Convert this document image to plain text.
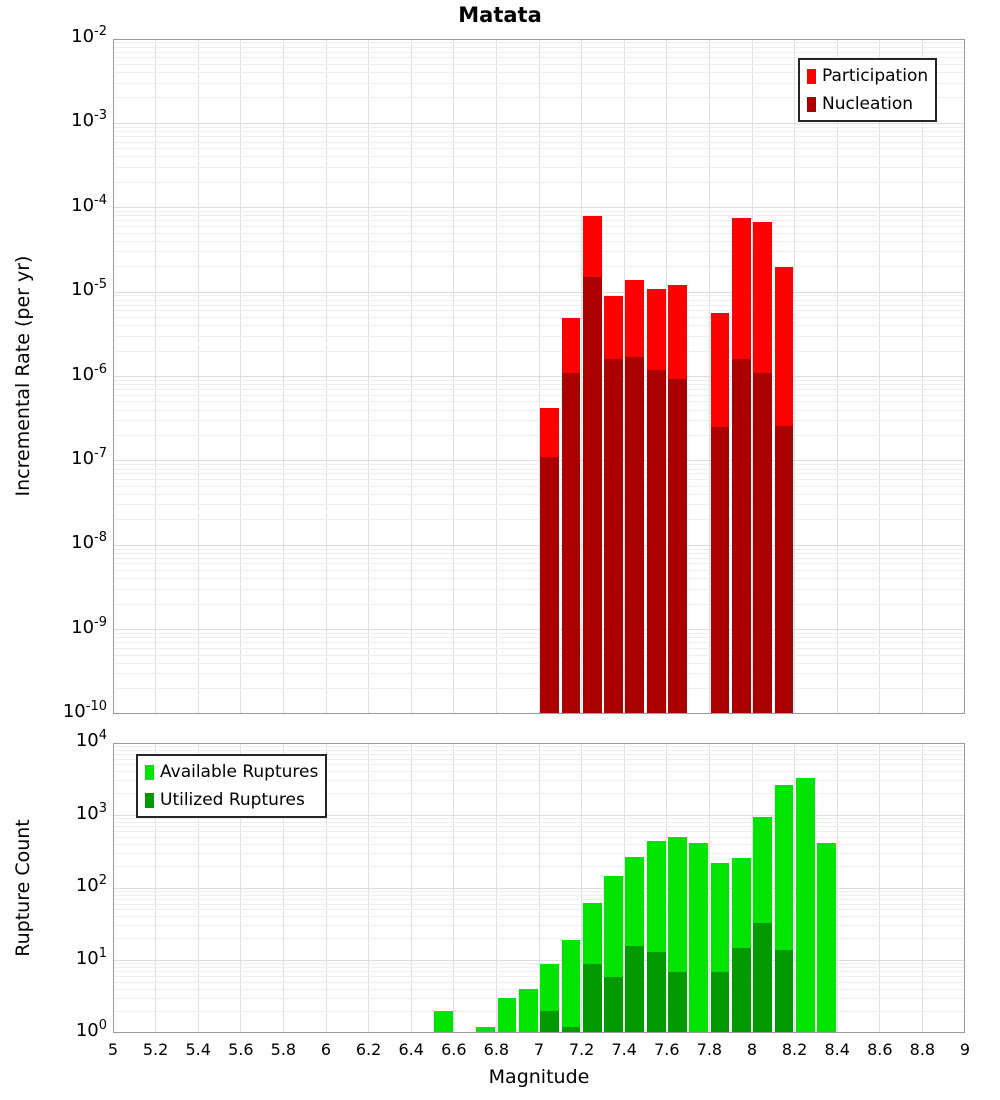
Matata
$10^{-2}$
$10^{-3}$
$10^{-4}$
$10^{-5}$
$10^{-6}$
$10^{-7}$
$10^{-8}$
$10^{-9}$
$10^{-10}$
$10^4$
$10^3$
$10^2$
$10^1$
$10^0$
5	5.2	5.4	5.6	5.8	6	6.2	6.4	6.6	6.8	7	7.2	7.4	7.6	7.8	8	8.2	8.4	8.6	8.8	9
Incremental Rate (per yr)
Rupture Count
Magnitude
Participation
Nucleation
Available Ruptures
Utilized Ruptures
